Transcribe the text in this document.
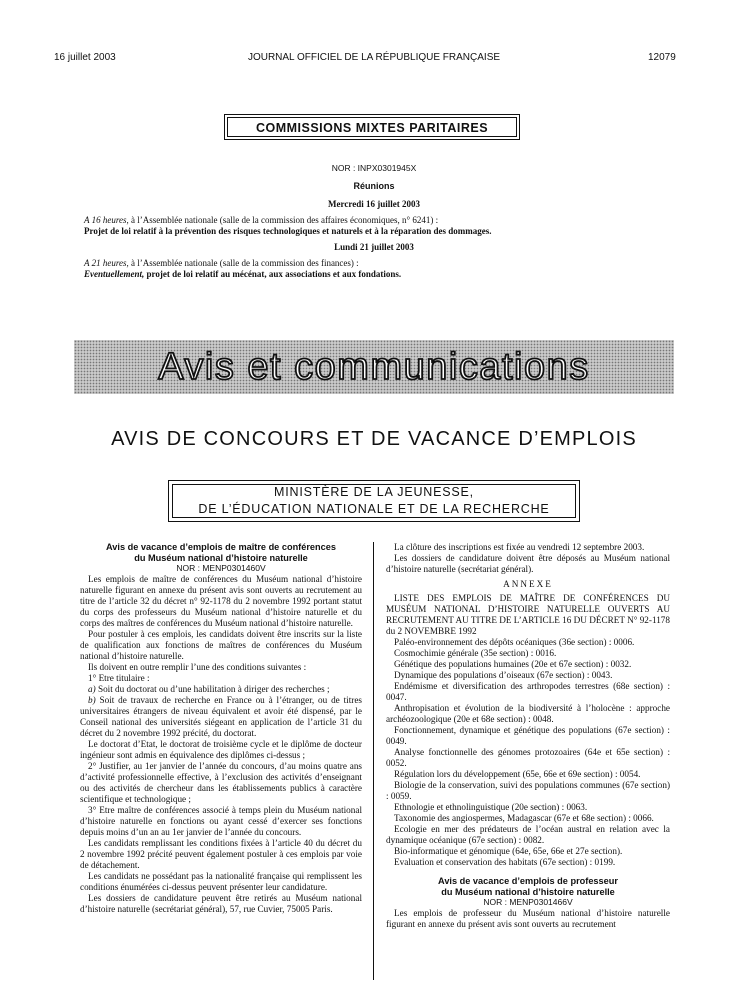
16 juillet 2003	JOURNAL OFFICIEL DE LA RÉPUBLIQUE FRANÇAISE	12079
COMMISSIONS MIXTES PARITAIRES
NOR : INPX0301945X
Réunions
Mercredi 16 juillet 2003
A 16 heures, à l’Assemblée nationale (salle de la commission des affaires économiques, n° 6241) :
Projet de loi relatif à la prévention des risques technologiques et naturels et à la réparation des dommages.
Lundi 21 juillet 2003
A 21 heures, à l’Assemblée nationale (salle de la commission des finances) :
Eventuellement, projet de loi relatif au mécénat, aux associations et aux fondations.
Avis et communications
AVIS DE CONCOURS ET DE VACANCE D’EMPLOIS
MINISTÈRE DE LA JEUNESSE,
DE L’ÉDUCATION NATIONALE ET DE LA RECHERCHE

Avis de vacance d’emplois de maître de conférences

du Muséum national d’histoire naturelle

NOR : MENP0301460V

Les emplois de maître de conférences du Muséum national d’histoire naturelle figurant en annexe du présent avis sont ouverts au recrutement au titre de l’article 32 du décret n° 92-1178 du 2 novembre 1992 portant statut du corps des professeurs du Muséum national d’histoire naturelle et du corps des maîtres de conférences du Muséum national d’histoire naturelle.

Pour postuler à ces emplois, les candidats doivent être inscrits sur la liste de qualification aux fonctions de maîtres de conférences du Muséum national d’histoire naturelle.

Ils doivent en outre remplir l’une des conditions suivantes :

1° Etre titulaire :

a) Soit du doctorat ou d’une habilitation à diriger des recherches ;

b) Soit de travaux de recherche en France ou à l’étranger, ou de titres universitaires étrangers de niveau équivalent et avoir été dispensé, par le Conseil national des universités siégeant en application de l’article 31 du décret du 2 novembre 1992 précité, du doctorat.

Le doctorat d’Etat, le doctorat de troisième cycle et le diplôme de docteur ingénieur sont admis en équivalence des diplômes ci-dessus ;

2° Justifier, au 1er janvier de l’année du concours, d’au moins quatre ans d’activité professionnelle effective, à l’exclusion des activités d’enseignant ou des activités de chercheur dans les établissements publics à caractère scientifique et technologique ;

3° Etre maître de conférences associé à temps plein du Muséum national d’histoire naturelle en fonctions ou ayant cessé d’exercer ses fonctions depuis moins d’un an au 1er janvier de l’année du concours.

Les candidats remplissant les conditions fixées à l’article 40 du décret du 2 novembre 1992 précité peuvent également postuler à ces emplois par voie de détachement.

Les candidats ne possédant pas la nationalité française qui remplissent les conditions énumérées ci-dessus peuvent présenter leur candidature.

Les dossiers de candidature peuvent être retirés au Muséum national d’histoire naturelle (secrétariat général), 57, rue Cuvier, 75005 Paris.

La clôture des inscriptions est fixée au vendredi 12 septembre 2003.

Les dossiers de candidature doivent être déposés au Muséum national d’histoire naturelle (secrétariat général).

ANNEXE

LISTE DES EMPLOIS DE MAÎTRE DE CONFÉRENCES DU MUSÉUM NATIONAL D’HISTOIRE NATURELLE OUVERTS AU RECRUTEMENT AU TITRE DE L’ARTICLE 16 DU DÉCRET N° 92-1178 du 2 NOVEMBRE 1992

Paléo-environnement des dépôts océaniques (36e section) : 0006.

Cosmochimie générale (35e section) : 0016.

Génétique des populations humaines (20e et 67e section) : 0032.

Dynamique des populations d’oiseaux (67e section) : 0043.

Endémisme et diversification des arthropodes terrestres (68e section) : 0047.

Anthropisation et évolution de la biodiversité à l’holocène : approche archéozoologique (20e et 68e section) : 0048.

Fonctionnement, dynamique et génétique des populations (67e section) : 0049.

Analyse fonctionnelle des génomes protozoaires (64e et 65e section) : 0052.

Régulation lors du développement (65e, 66e et 69e section) : 0054.

Biologie de la conservation, suivi des populations communes (67e section) : 0059.

Ethnologie et ethnolinguistique (20e section) : 0063.

Taxonomie des angiospermes, Madagascar (67e et 68e section) : 0066.

Ecologie en mer des prédateurs de l’océan austral en relation avec la dynamique océanique (67e section) : 0082.

Bio-informatique et génomique (64e, 65e, 66e et 27e section).

Evaluation et conservation des habitats (67e section) : 0199.

Avis de vacance d’emplois de professeur

du Muséum national d’histoire naturelle

NOR : MENP0301466V

Les emplois de professeur du Muséum national d’histoire naturelle figurant en annexe du présent avis sont ouverts au recrutement
